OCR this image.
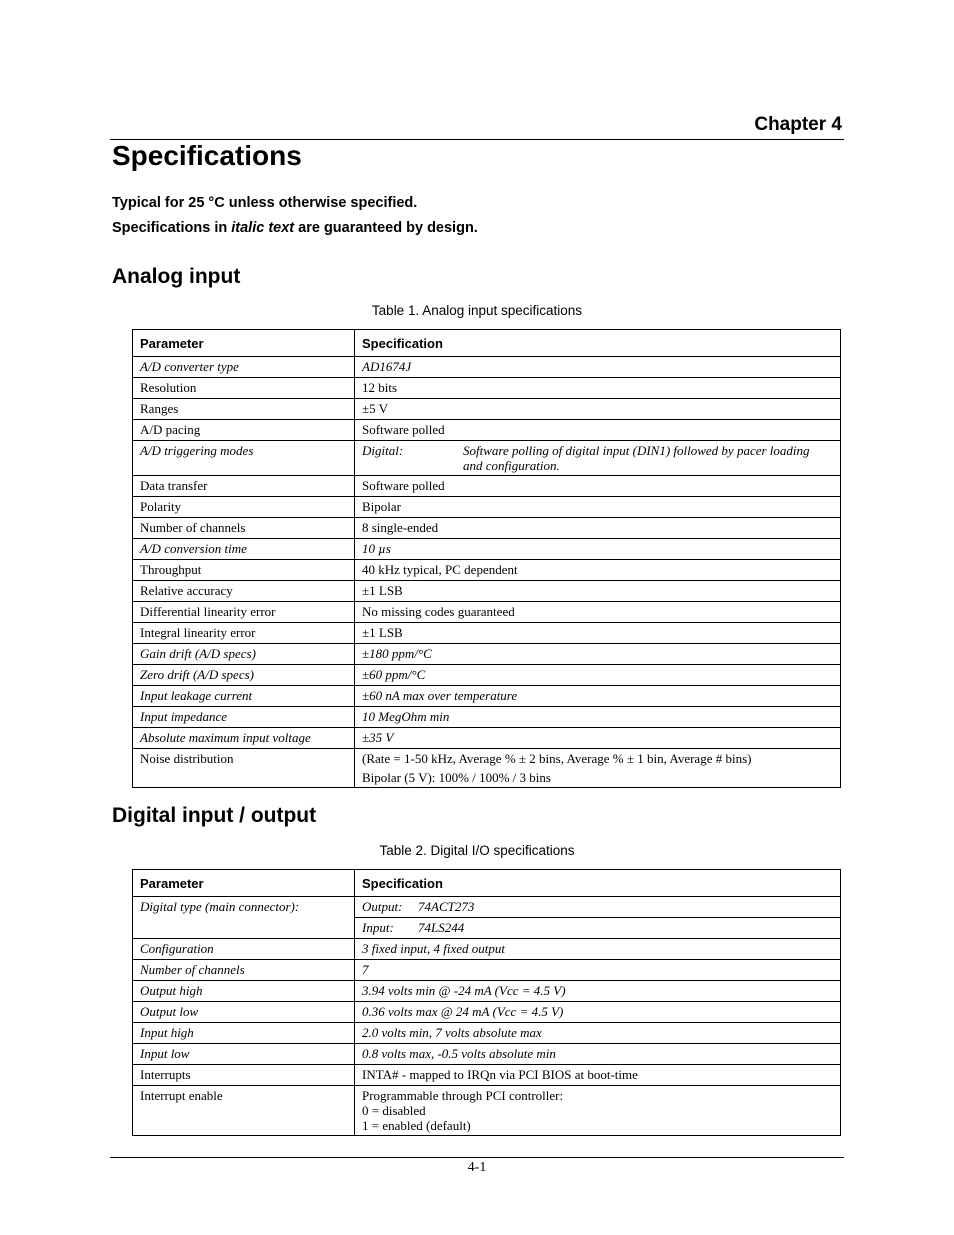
Chapter 4
Specifications
Typical for 25 °C unless otherwise specified.
Specifications in italic text are guaranteed by design.
Analog input
Table 1. Analog input specifications
Parameter	Specification
A/D converter type	AD1674J
Resolution	12 bits
Ranges	±5 V
A/D pacing	Software polled
A/D triggering modes	Digital: Software polling of digital input (DIN1) followed by pacer loading and configuration.
Data transfer	Software polled
Polarity	Bipolar
Number of channels	8 single-ended
A/D conversion time	10 µs
Throughput	40 kHz typical, PC dependent
Relative accuracy	±1 LSB
Differential linearity error	No missing codes guaranteed
Integral linearity error	±1 LSB
Gain drift (A/D specs)	±180 ppm/°C
Zero drift (A/D specs)	±60 ppm/°C
Input leakage current	±60 nA max over temperature
Input impedance	10 MegOhm min
Absolute maximum input voltage	±35 V
Noise distribution	(Rate = 1-50 kHz, Average % ± 2 bins, Average % ± 1 bin, Average # bins)
Bipolar (5 V): 100% / 100% / 3 bins
Digital input / output
Table 2. Digital I/O specifications
Parameter	Specification
Digital type (main connector):	Output: 74ACT273
	Input: 74LS244
Configuration	3 fixed input, 4 fixed output
Number of channels	7
Output high	3.94 volts min @ -24 mA (Vcc = 4.5 V)
Output low	0.36 volts max @ 24 mA (Vcc = 4.5 V)
Input high	2.0 volts min, 7 volts absolute max
Input low	0.8 volts max, -0.5 volts absolute min
Interrupts	INTA# - mapped to IRQn via PCI BIOS at boot-time
Interrupt enable	Programmable through PCI controller:
0 = disabled
1 = enabled (default)
4-1
